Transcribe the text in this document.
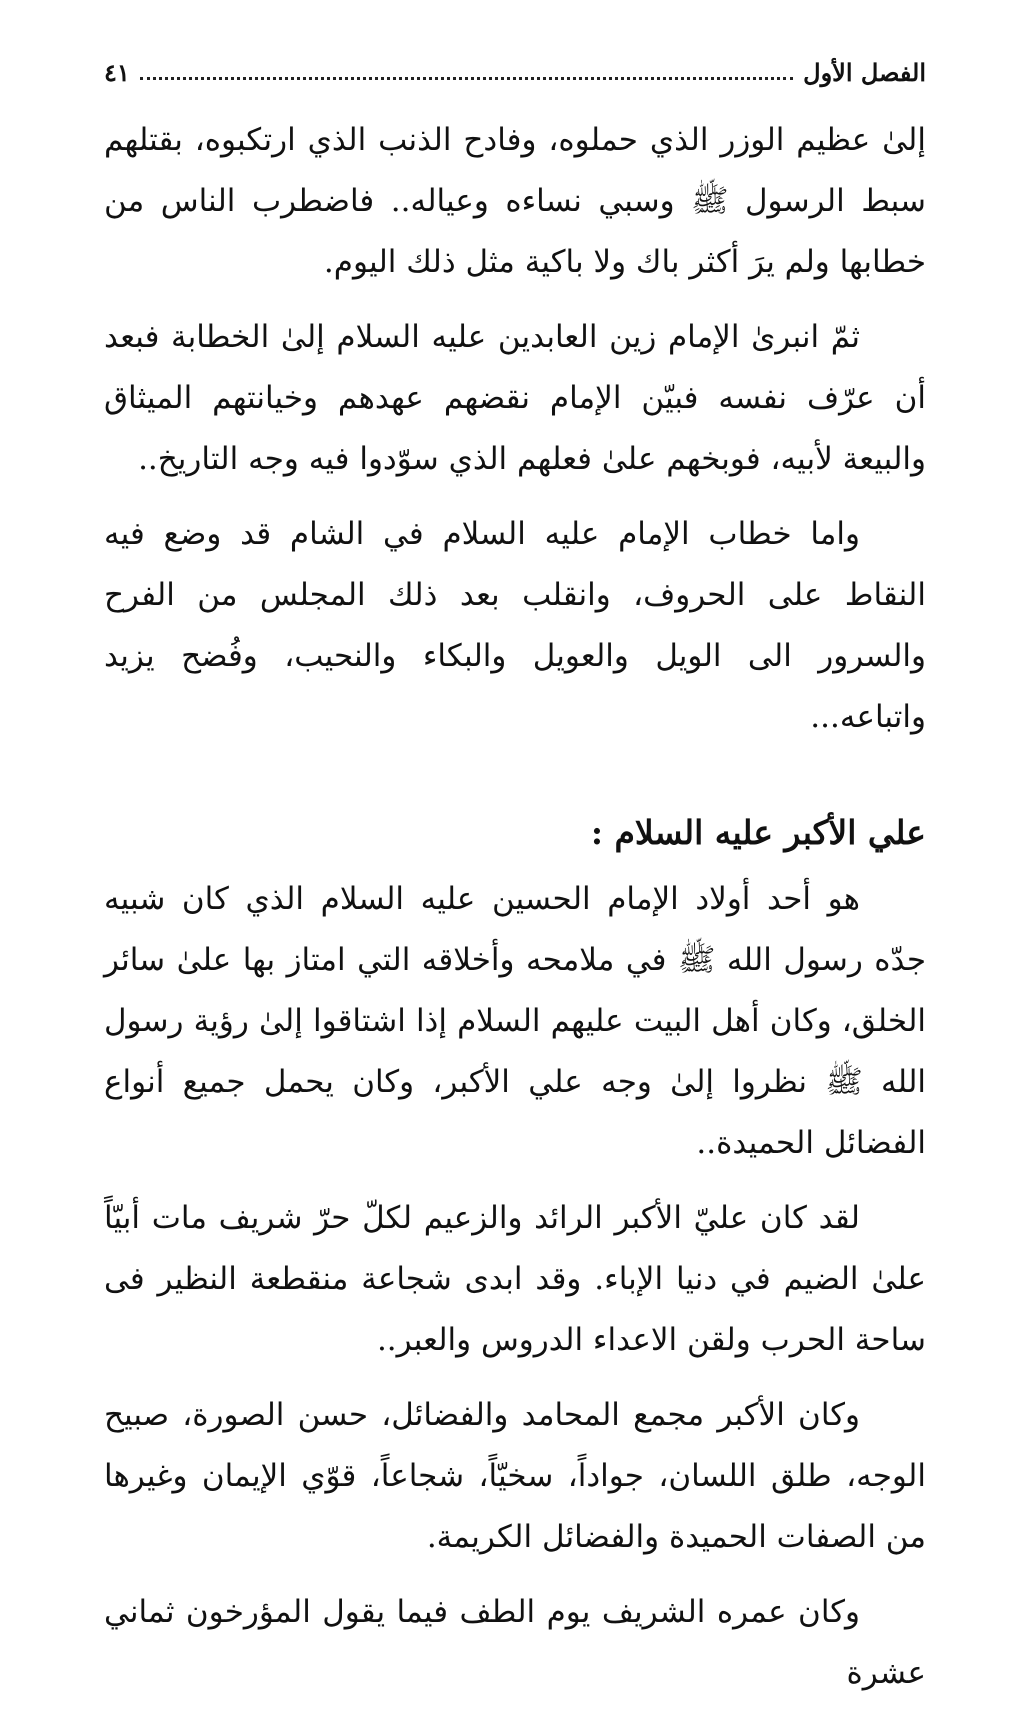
الفصل الأول
٤١

إلىٰ عظيم الوزر الذي حملوه، وفادح الذنب الذي ارتكبوه، بقتلهم سبط الرسول ﷺ وسبي نساءه وعياله.. فاضطرب الناس من خطابها ولم يرَ أكثر باك ولا باكية مثل ذلك اليوم.

ثمّ انبرىٰ الإمام زين العابدين عليه السلام إلىٰ الخطابة فبعد أن عرّف نفسه فبيّن الإمام نقضهم عهدهم وخيانتهم الميثاق والبيعة لأبيه، فوبخهم علىٰ فعلهم الذي سوّدوا فيه وجه التاريخ..

واما خطاب الإمام عليه السلام في الشام قد وضع فيه النقاط على الحروف، وانقلب بعد ذلك المجلس من الفرح والسرور الى الويل والعويل والبكاء والنحيب، وفُضح يزيد واتباعه...

علي الأكبر عليه السلام :

هو أحد أولاد الإمام الحسين عليه السلام الذي كان شبيه جدّه رسول الله ﷺ في ملامحه وأخلاقه التي امتاز بها علىٰ سائر الخلق، وكان أهل البيت عليهم السلام إذا اشتاقوا إلىٰ رؤية رسول الله ﷺ نظروا إلىٰ وجه علي الأكبر، وكان يحمل جميع أنواع الفضائل الحميدة..

لقد كان عليّ الأكبر الرائد والزعيم لكلّ حرّ شريف مات أبيّاً علىٰ الضيم في دنيا الإباء. وقد ابدى شجاعة منقطعة النظير فى ساحة الحرب ولقن الاعداء الدروس والعبر..

وكان الأكبر مجمع المحامد والفضائل، حسن الصورة، صبيح الوجه، طلق اللسان، جواداً، سخيّاً، شجاعاً، قوّي الإيمان وغيرها من الصفات الحميدة والفضائل الكريمة.

وكان عمره الشريف يوم الطف فيما يقول المؤرخون ثماني عشرة
